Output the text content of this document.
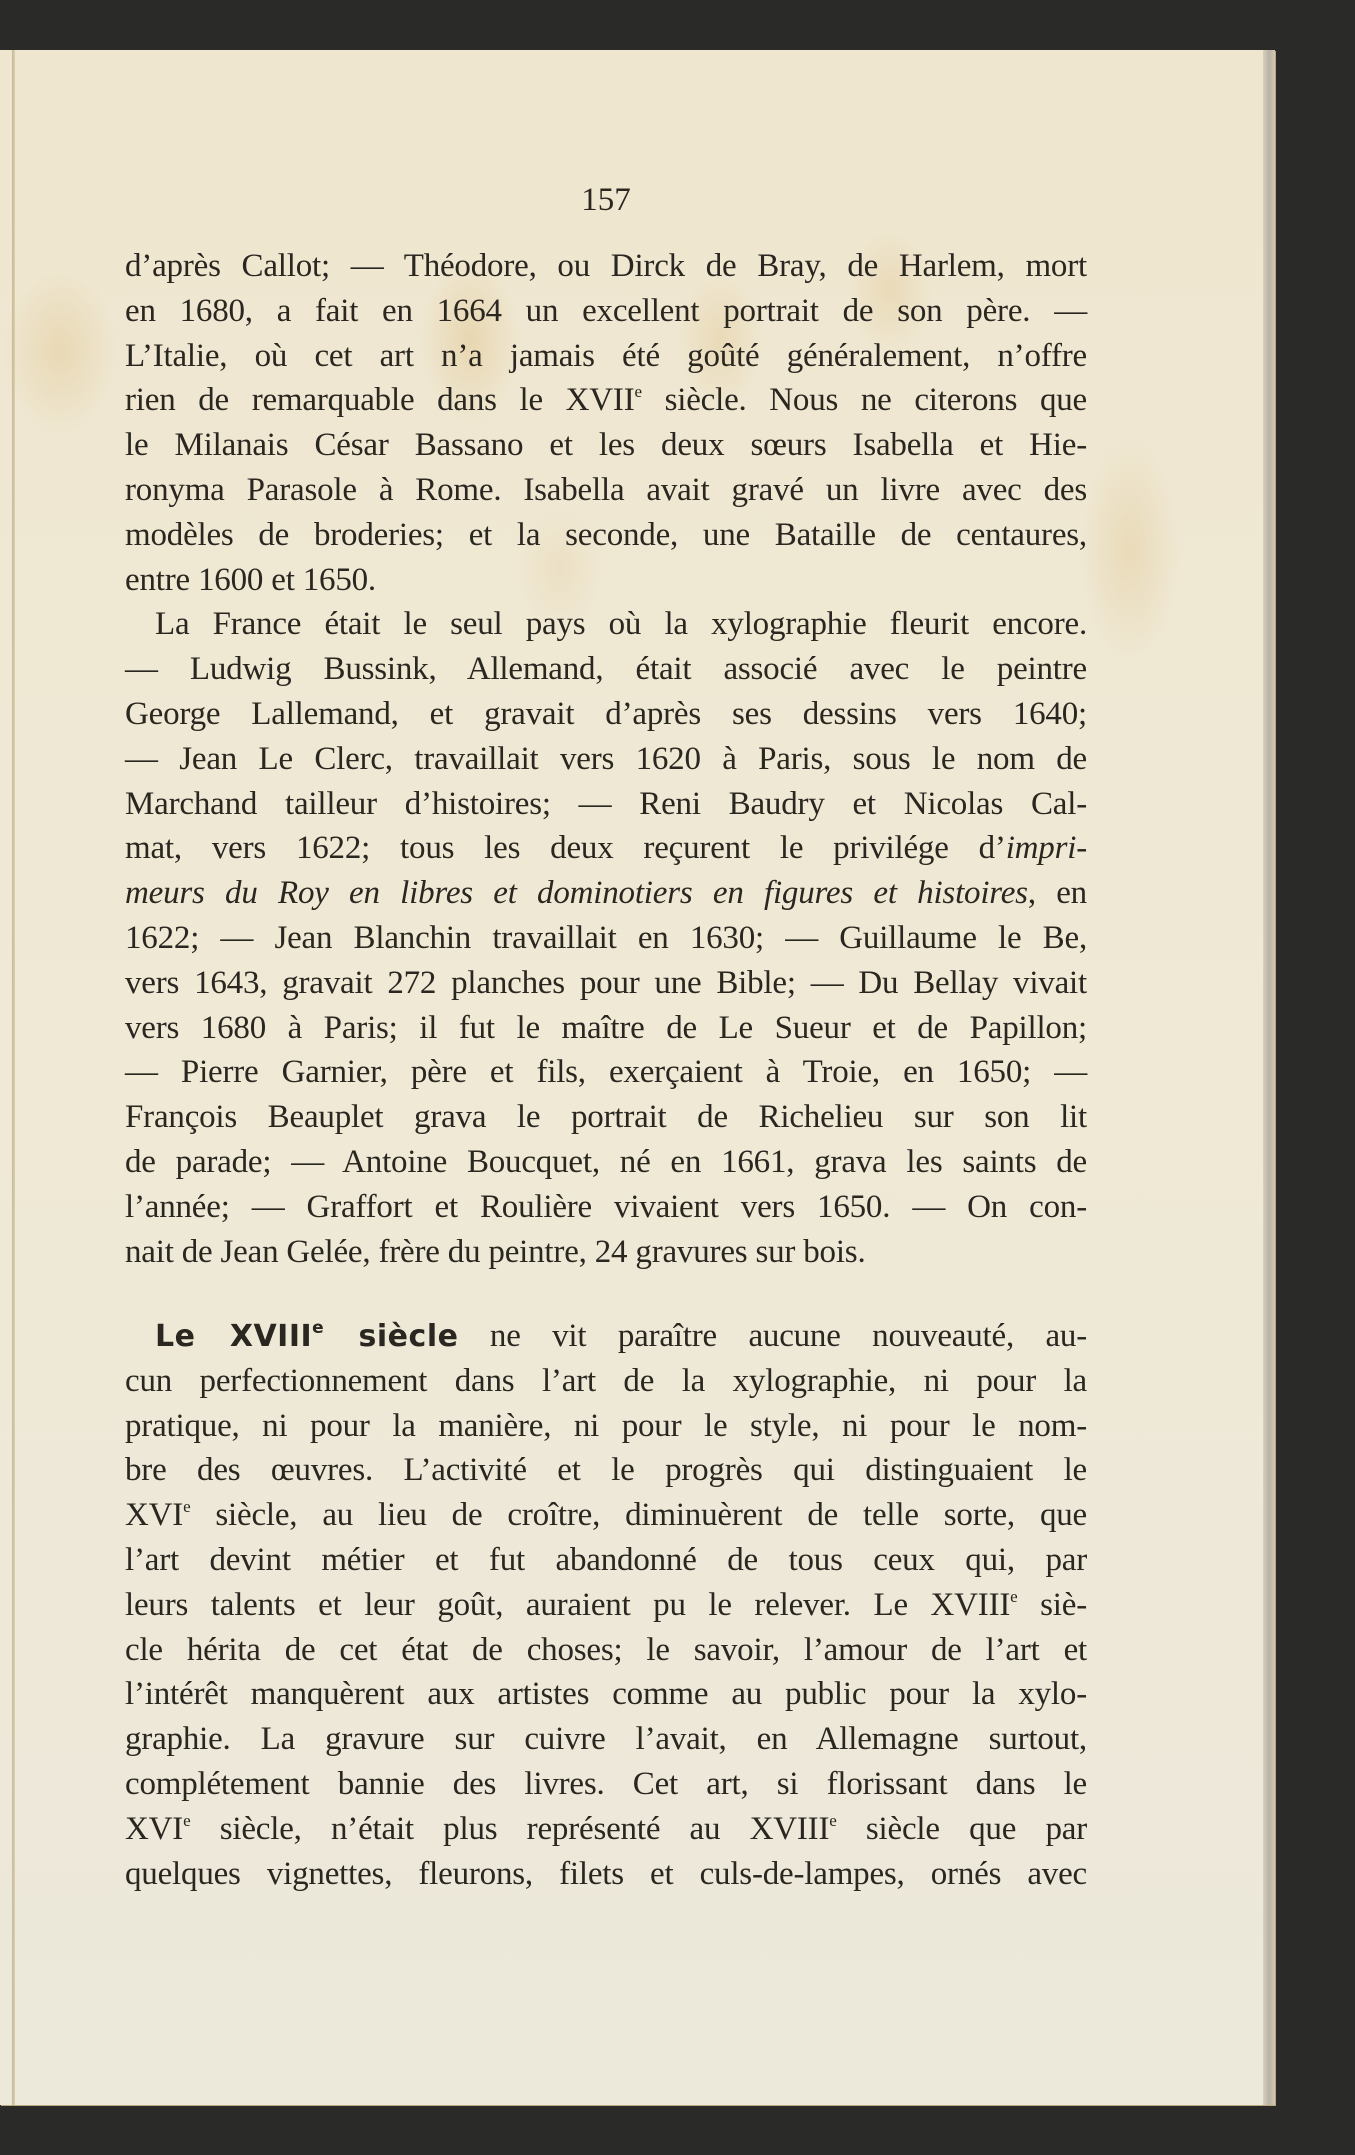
157
d’après Callot; — Théodore, ou Dirck de Bray, de Harlem, mort
en 1680, a fait en 1664 un excellent portrait de son père. —
L’Italie, où cet art n’a jamais été goûté généralement, n’offre
rien de remarquable dans le XVIIe siècle. Nous ne citerons que
le Milanais César Bassano et les deux sœurs Isabella et Hie-
ronyma Parasole à Rome. Isabella avait gravé un livre avec des
modèles de broderies; et la seconde, une Bataille de centaures,
entre 1600 et 1650.
La France était le seul pays où la xylographie fleurit encore.
— Ludwig Bussink, Allemand, était associé avec le peintre
George Lallemand, et gravait d’après ses dessins vers 1640;
— Jean Le Clerc, travaillait vers 1620 à Paris, sous le nom de
Marchand tailleur d’histoires; — Reni Baudry et Nicolas Cal-
mat, vers 1622; tous les deux reçurent le privilége d’impri-
meurs du Roy en libres et dominotiers en figures et histoires, en
1622; — Jean Blanchin travaillait en 1630; — Guillaume le Be,
vers 1643, gravait 272 planches pour une Bible; — Du Bellay vivait
vers 1680 à Paris; il fut le maître de Le Sueur et de Papillon;
— Pierre Garnier, père et fils, exerçaient à Troie, en 1650; —
François Beauplet grava le portrait de Richelieu sur son lit
de parade; — Antoine Boucquet, né en 1661, grava les saints de
l’année; — Graffort et Roulière vivaient vers 1650. — On con-
nait de Jean Gelée, frère du peintre, 24 gravures sur bois.
Le XVIIIe siècle ne vit paraître aucune nouveauté, au-
cun perfectionnement dans l’art de la xylographie, ni pour la
pratique, ni pour la manière, ni pour le style, ni pour le nom-
bre des œuvres. L’activité et le progrès qui distinguaient le
XVIe siècle, au lieu de croître, diminuèrent de telle sorte, que
l’art devint métier et fut abandonné de tous ceux qui, par
leurs talents et leur goût, auraient pu le relever. Le XVIIIe siè-
cle hérita de cet état de choses; le savoir, l’amour de l’art et
l’intérêt manquèrent aux artistes comme au public pour la xylo-
graphie. La gravure sur cuivre l’avait, en Allemagne surtout,
complétement bannie des livres. Cet art, si florissant dans le
XVIe siècle, n’était plus représenté au XVIIIe siècle que par
quelques vignettes, fleurons, filets et culs-de-lampes, ornés avec
